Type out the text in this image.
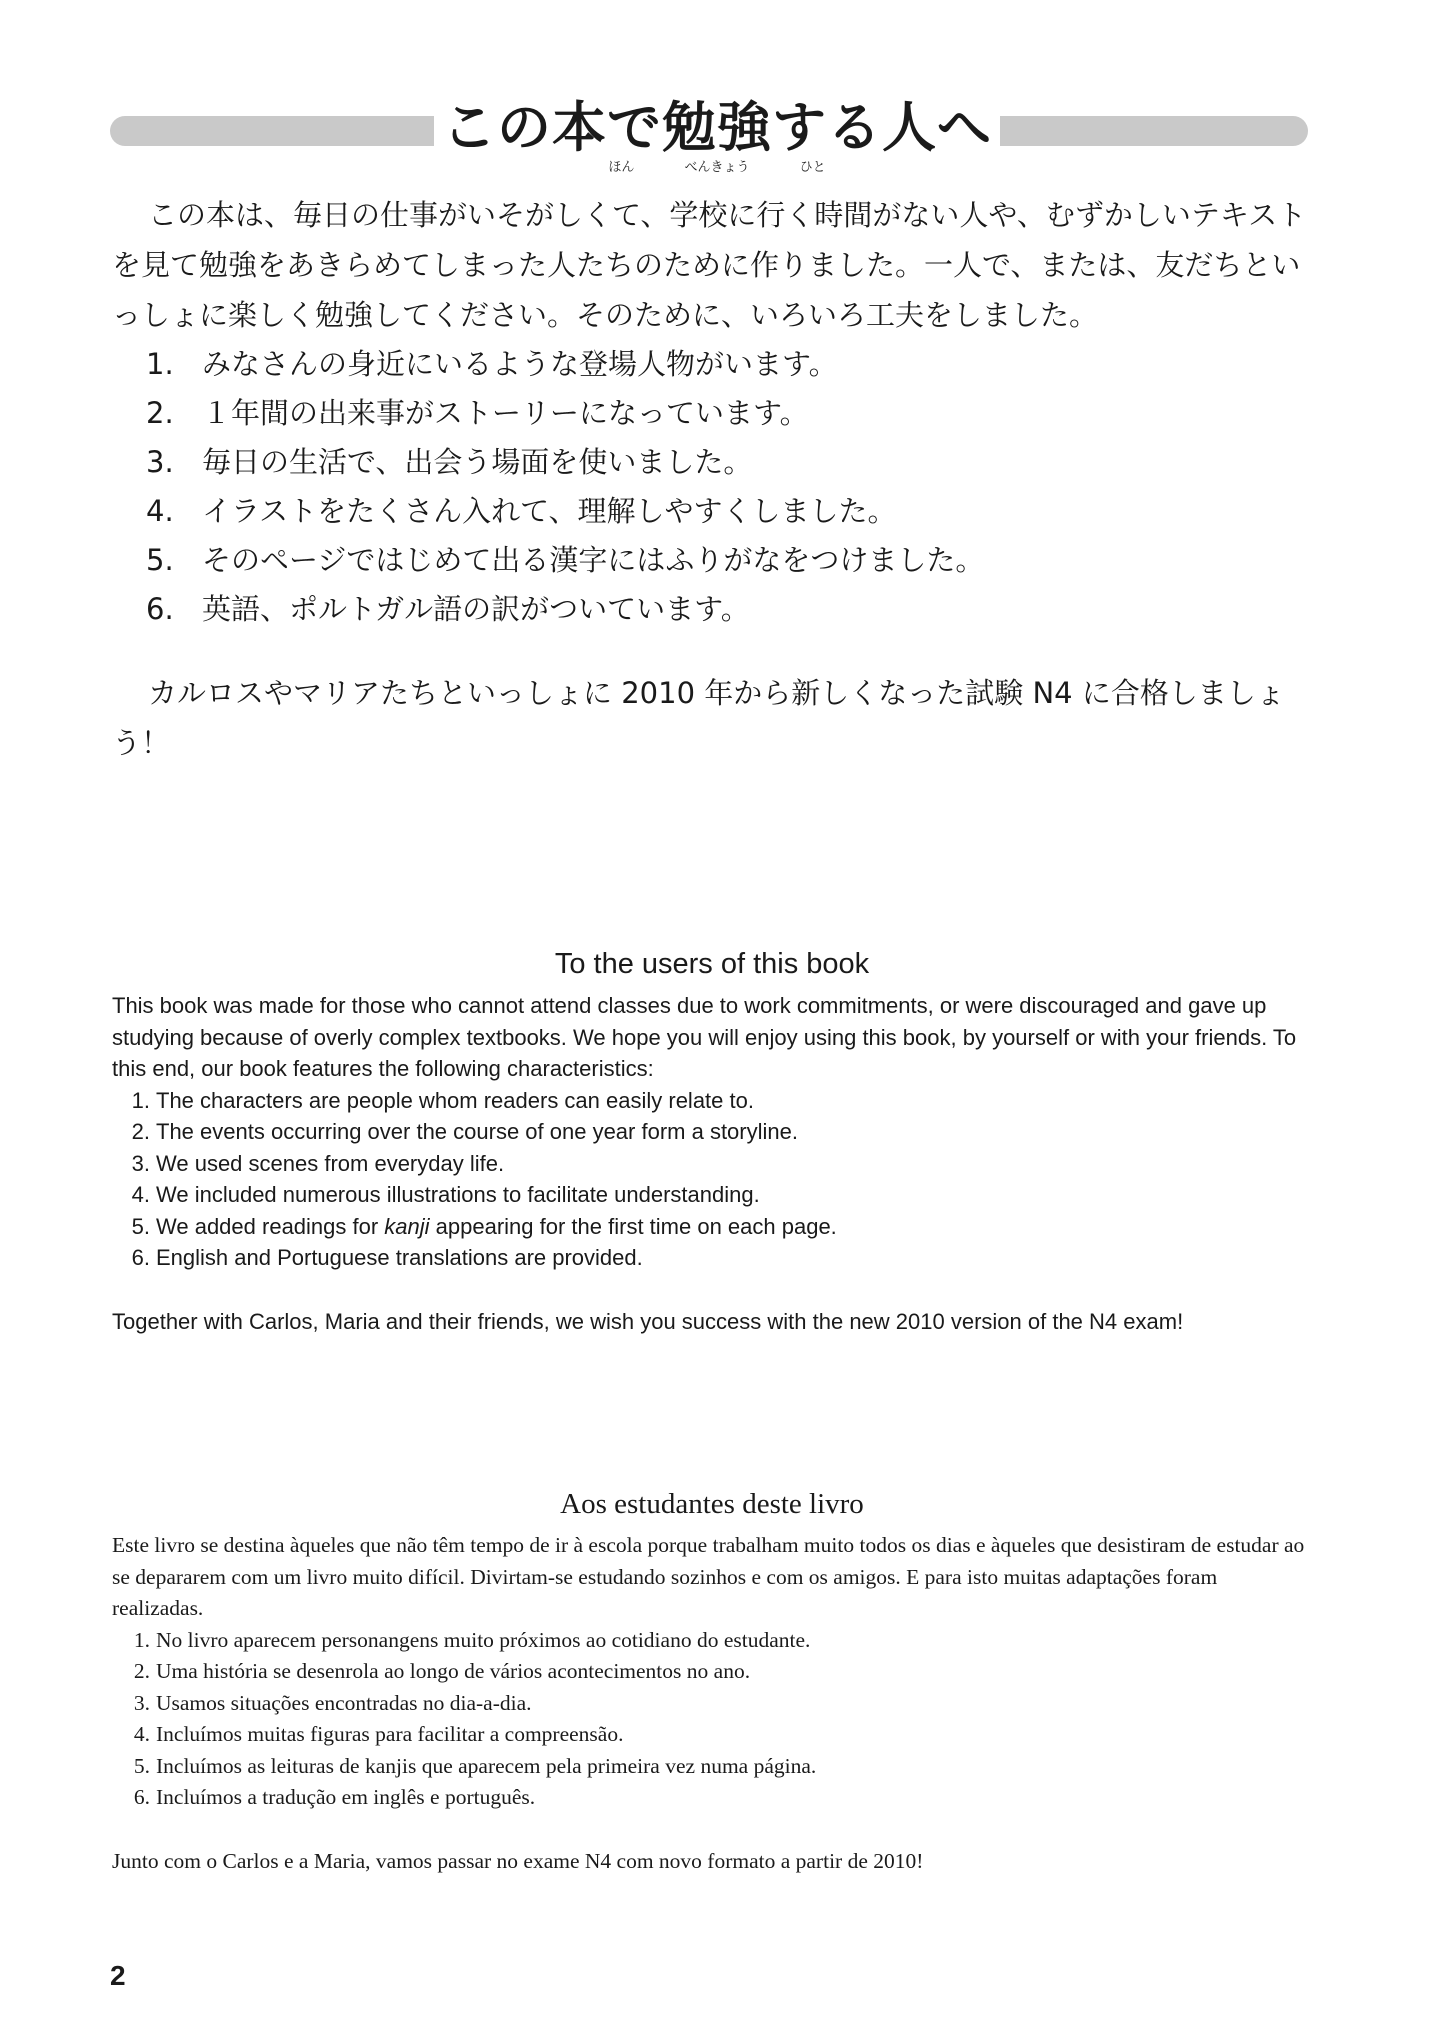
この本で勉強する人へ
ほん べんきょう ひと

この本は、毎日の仕事がいそがしくて、学校に行く時間がない人や、むずかしいテキストを見て勉強をあきらめてしまった人たちのために作りました。一人で、または、友だちといっしょに楽しく勉強してください。そのために、いろいろ工夫をしました。

1. みなさんの身近にいるような登場人物がいます。
2. １年間の出来事がストーリーになっています。
3. 毎日の生活で、出会う場面を使いました。
4. イラストをたくさん入れて、理解しやすくしました。
5. そのページではじめて出る漢字にはふりがなをつけました。
6. 英語、ポルトガル語の訳がついています。

カルロスやマリアたちといっしょに 2010 年から新しくなった試験 N4 に合格しましょう！

To the users of this book

This book was made for those who cannot attend classes due to work commitments, or were discouraged and gave up studying because of overly complex textbooks. We hope you will enjoy using this book, by yourself or with your friends. To this end, our book features the following characteristics:

1. The characters are people whom readers can easily relate to.
2. The events occurring over the course of one year form a storyline.
3. We used scenes from everyday life.
4. We included numerous illustrations to facilitate understanding.
5. We added readings for kanji appearing for the first time on each page.
6. English and Portuguese translations are provided.

Together with Carlos, Maria and their friends, we wish you success with the new 2010 version of the N4 exam!

Aos estudantes deste livro

Este livro se destina àqueles que não têm tempo de ir à escola porque trabalham muito todos os dias e àqueles que desistiram de estudar ao se depararem com um livro muito difícil. Divirtam-se estudando sozinhos e com os amigos. E para isto muitas adaptações foram realizadas.

1. No livro aparecem personangens muito próximos ao cotidiano do estudante.
2. Uma história se desenrola ao longo de vários acontecimentos no ano.
3. Usamos situações encontradas no dia-a-dia.
4. Incluímos muitas figuras para facilitar a compreensão.
5. Incluímos as leituras de kanjis que aparecem pela primeira vez numa página.
6. Incluímos a tradução em inglês e português.

Junto com o Carlos e a Maria, vamos passar no exame N4 com novo formato a partir de 2010!

2
